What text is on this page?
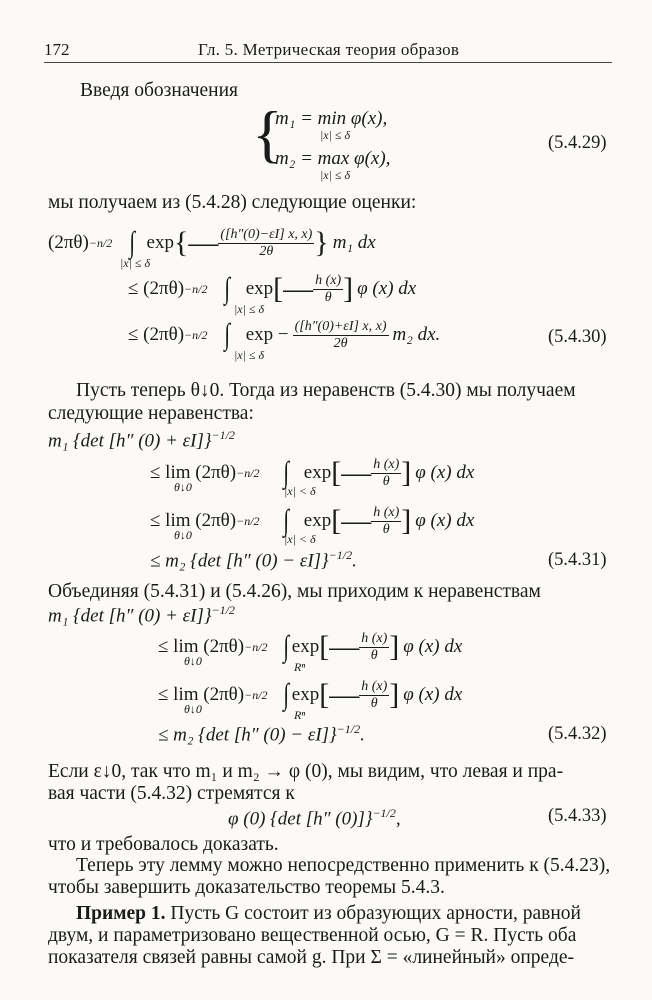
172	Гл. 5. Метрическая теория образов
Введя обозначения
{
m₁ = min φ(x),
|x| ≤ δ
m₂ = max φ(x),
|x| ≤ δ
(5.4.29)
мы получаем из (5.4.28) следующие оценки:
(2πθ) −n/2 ∫ exp {— $\frac{([h''(0)-\varepsilon I] x, x)}{2\theta}$ } m₁ dx
|x| ≤ δ
≤ (2πθ) −n/2 ∫ exp [— $\frac{h (x)}{\theta}$ ] φ (x) dx
|x| ≤ δ
≤ (2πθ) −n/2 ∫ $\exp - \frac{([h''(0)+\varepsilon I] x, x)}{2\theta} m_2$ dx.
|x| ≤ δ
(5.4.30)
Пусть теперь θ↓0. Тогда из неравенств (5.4.30) мы получаем
следующие неравенства:
m₁ {det [h″ (0) + εI]}$^{-1/2}$
≤ lim (2πθ) −n/2 ∫ exp [— $\frac{h (x)}{\theta}$ ] φ (x) dx
θ↓0	|x| < δ
≤ lim (2πθ) −n/2 ∫ exp [— $\frac{h (x)}{\theta}$ ] φ (x) dx
θ↓0	|x| < δ
≤ m₂ {det [h″ (0) − εI]}$^{-1/2}$.	(5.4.31)
Объединяя (5.4.31) и (5.4.26), мы приходим к неравенствам
m₁ {det [h″ (0) + εI]}$^{-1/2}$
≤ lim (2πθ) −n/2 ∫ exp [— $\frac{h (x)}{\theta}$ ] φ (x) dx
θ↓0	Rⁿ
≤ lim (2πθ) −n/2 ∫ exp [— $\frac{h (x)}{\theta}$ ] φ (x) dx
θ↓0	Rⁿ
≤ m₂ {det [h″ (0) − εI]}$^{-1/2}$.	(5.4.32)
Если ε↓0, так что m₁ и m₂ → φ (0), мы видим, что левая и пра-
вая части (5.4.32) стремятся к
φ (0) {det [h″ (0)]}$^{-1/2}$,	(5.4.33)
что и требовалось доказать.
Теперь эту лемму можно непосредственно применить к (5.4.23),
чтобы завершить доказательство теоремы 5.4.3.
Пример 1. Пусть G состоит из образующих арности, равной
двум, и параметризовано вещественной осью, G = R. Пусть оба
показателя связей равны самой g. При Σ = «линейный» опреде-
